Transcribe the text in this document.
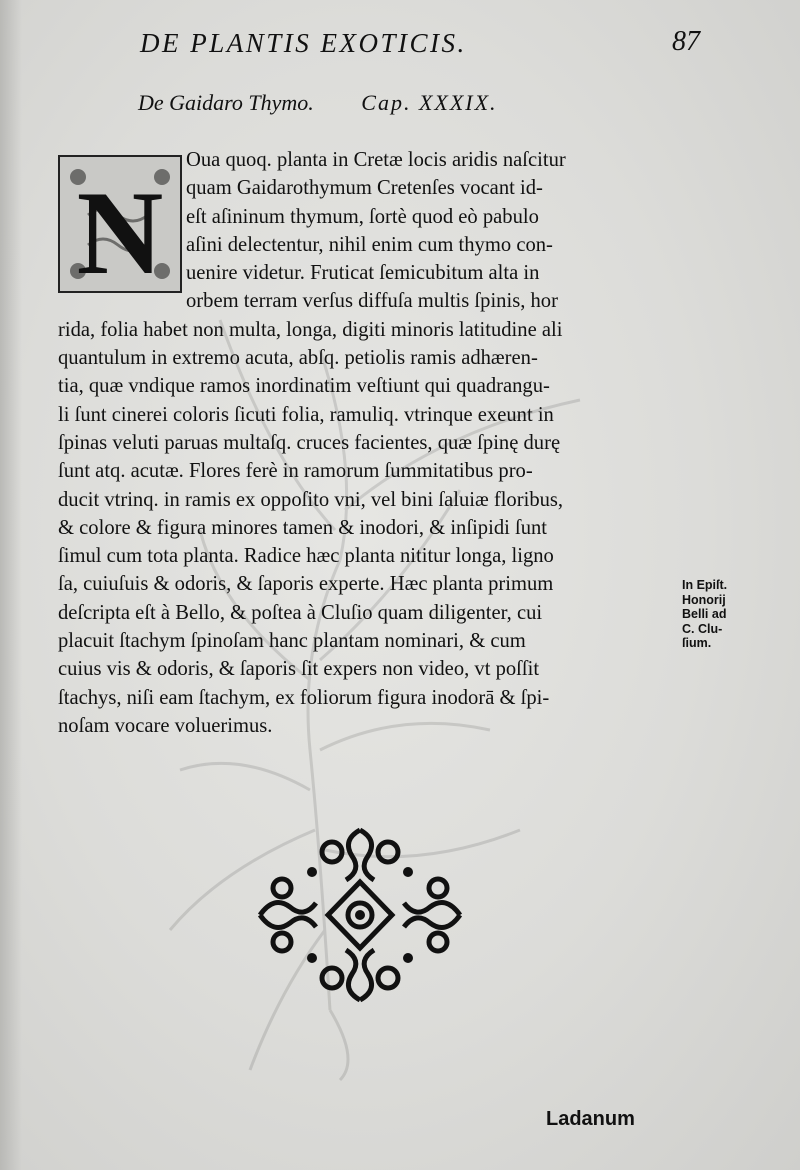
DE PLANTIS EXOTICIS.	87
De Gaidaro Thymo. Cap. XXXIX.
N
Oua quoq. planta in Cretæ locis aridis naſcitur
quam Gaidarothymum Cretenſes vocant id-
eſt aſininum thymum, ſortè quod eò pabulo
aſini delectentur, nihil enim cum thymo con-
uenire videtur. Fruticat ſemicubitum alta in
orbem terram verſus diffuſa multis ſpinis, hor
rida, folia habet non multa, longa, digiti minoris latitudine ali
quantulum in extremo acuta, abſq. petiolis ramis adhæren-
tia, quæ vndique ramos inordinatim veſtiunt qui quadrangu-
li ſunt cinerei coloris ſicuti folia, ramuliq. vtrinque exeunt in
ſpinas veluti paruas multaſq. cruces facientes, quæ ſpinę durę
ſunt atq. acutæ. Flores ferè in ramorum ſummitatibus pro-
ducit vtrinq. in ramis ex oppoſito vni, vel bini ſaluiæ floribus,
& colore & figura minores tamen & inodori, & inſipidi ſunt
ſimul cum tota planta. Radice hæc planta nititur longa, ligno
ſa, cuiuſuis & odoris, & ſaporis experte. Hæc planta primum
deſcripta eſt à Bello, & poſtea à Cluſio quam diligenter, cui
placuit ſtachym ſpinoſam hanc plantam nominari, & cum
cuius vis & odoris, & ſaporis ſit expers non video, vt poſſit
ſtachys, niſi eam ſtachym, ex foliorum figura inodorā & ſpi-
noſam vocare voluerimus.
In Epiſt.
Honorij
Belli ad
C. Clu-
ſium.
Ladanum
